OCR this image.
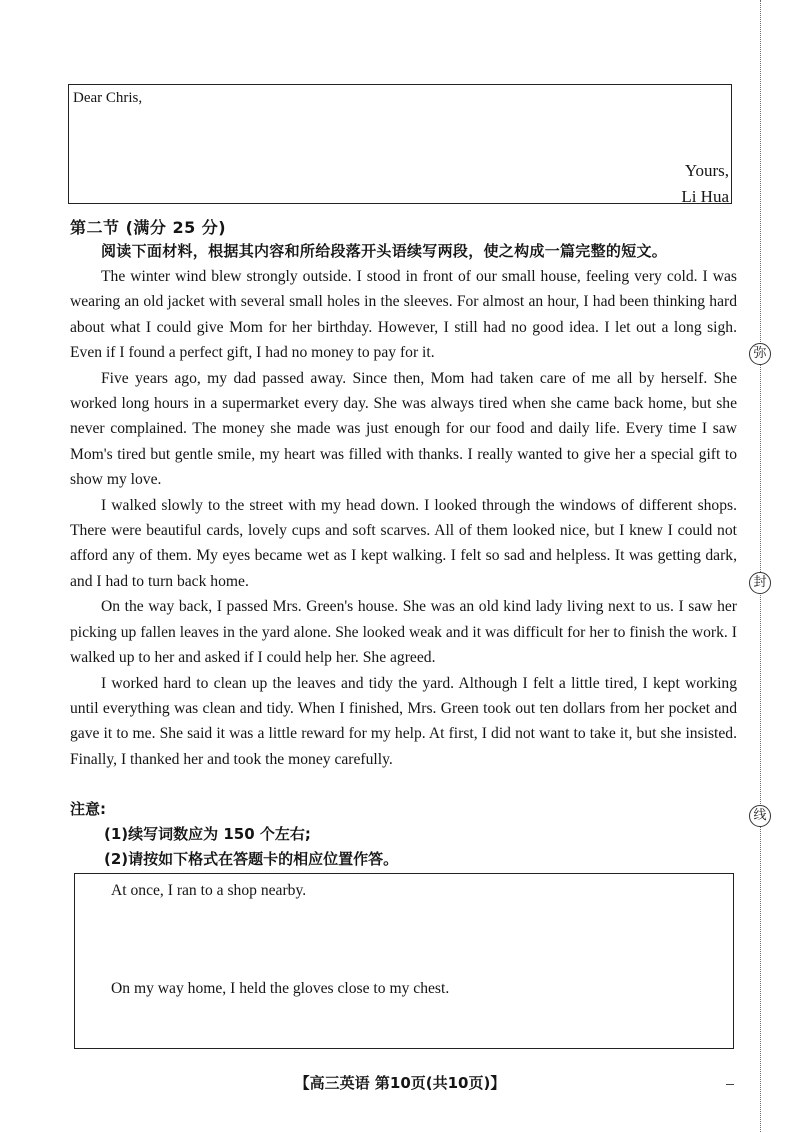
弥
封
线
Dear Chris,
Yours,
Li Hua
第二节 (满分 25 分)
阅读下面材料，根据其内容和所给段落开头语续写两段，使之构成一篇完整的短文。

The winter wind blew strongly outside. I stood in front of our small house, feeling very cold. I was wearing an old jacket with several small holes in the sleeves. For almost an hour, I had been thinking hard about what I could give Mom for her birthday. However, I still had no good idea. I let out a long sigh. Even if I found a perfect gift, I had no money to pay for it.

Five years ago, my dad passed away. Since then, Mom had taken care of me all by herself. She worked long hours in a supermarket every day. She was always tired when she came back home, but she never complained. The money she made was just enough for our food and daily life. Every time I saw Mom's tired but gentle smile, my heart was filled with thanks. I really wanted to give her a special gift to show my love.

I walked slowly to the street with my head down. I looked through the windows of different shops. There were beautiful cards, lovely cups and soft scarves. All of them looked nice, but I knew I could not afford any of them. My eyes became wet as I kept walking. I felt so sad and helpless. It was getting dark, and I had to turn back home.

On the way back, I passed Mrs. Green's house. She was an old kind lady living next to us. I saw her picking up fallen leaves in the yard alone. She looked weak and it was difficult for her to finish the work. I walked up to her and asked if I could help her. She agreed.

I worked hard to clean up the leaves and tidy the yard. Although I felt a little tired, I kept working until everything was clean and tidy. When I finished, Mrs. Green took out ten dollars from her pocket and gave it to me. She said it was a little reward for my help. At first, I did not want to take it, but she insisted. Finally, I thanked her and took the money carefully.

注意:
(1)续写词数应为 150 个左右;
(2)请按如下格式在答题卡的相应位置作答。
At once, I ran to a shop nearby.
On my way home, I held the gloves close to my chest.
【高三英语 第10页(共10页)】
